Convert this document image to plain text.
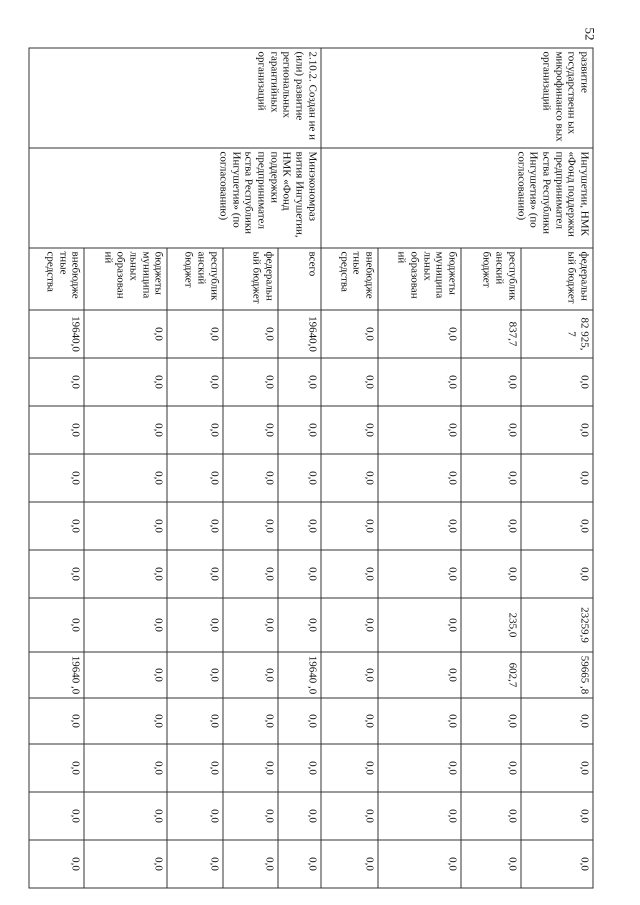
52
развитие государственн ых микрофинансо вых организаций	Ингушетии, НМК «Фонд поддержки предпринимател ьства Республики Ингушетия» (по согласованию)	федеральн ый бюджет	82 925, 7	0,0	0,0	0,0	0,0	0,0	23259,9	59665 ,8	0,0	0,0	0,0	0,0
		республик анский бюджет	837,7	0,0	0,0	0,0	0,0	0,0	235,0	602,7	0,0	0,0	0,0	0,0
		бюджеты муниципа льных образован ий	0,0	0,0	0,0	0,0	0,0	0,0	0,0	0,0	0,0	0,0	0,0	0,0
		внебюдже тные средства	0,0	0,0	0,0	0,0	0,0	0,0	0,0	0,0	0,0	0,0	0,0	0,0
2.10.2. Создан ие и (или) развитие региональных гарантийных организаций	Минэкономраз вития Ингушетии, НМК «Фонд поддержки предпринимател ьства Республики Ингушетия» (по согласованию)	всего	19640,0	0,0	0,0	0,0	0,0	0,0	0,0	19640 ,0	0,0	0,0	0,0	0,0
		федеральн ый бюджет	0,0	0,0	0,0	0,0	0,0	0,0	0,0	0,0	0,0	0,0	0,0	0,0
		республик анский бюджет	0,0	0,0	0,0	0,0	0,0	0,0	0,0	0,0	0,0	0,0	0,0	0,0
		бюджеты муниципа льных образован ий	0,0	0,0	0,0	0,0	0,0	0,0	0,0	0,0	0,0	0,0	0,0	0,0
		внебюдже тные средства	19640,0	0,0	0,0	0,0	0,0	0,0	0,0	19640 ,0	0,0	0,0	0,0	0,0
